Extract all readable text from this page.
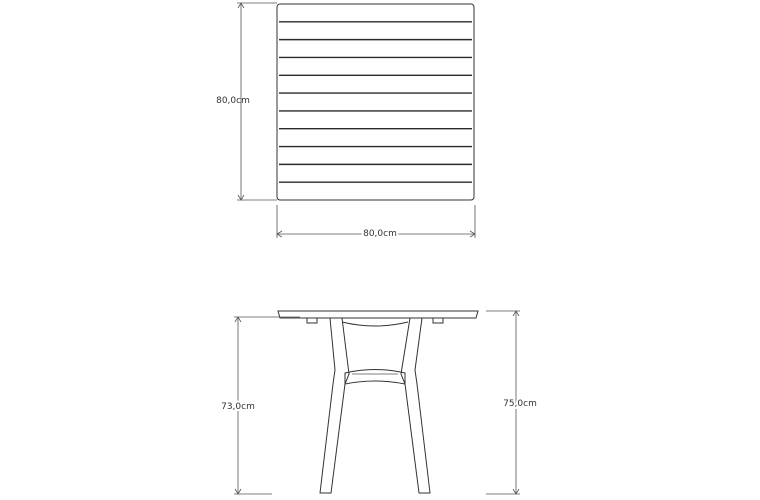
80,0cm
80,0cm
73,0cm	75,0cm
